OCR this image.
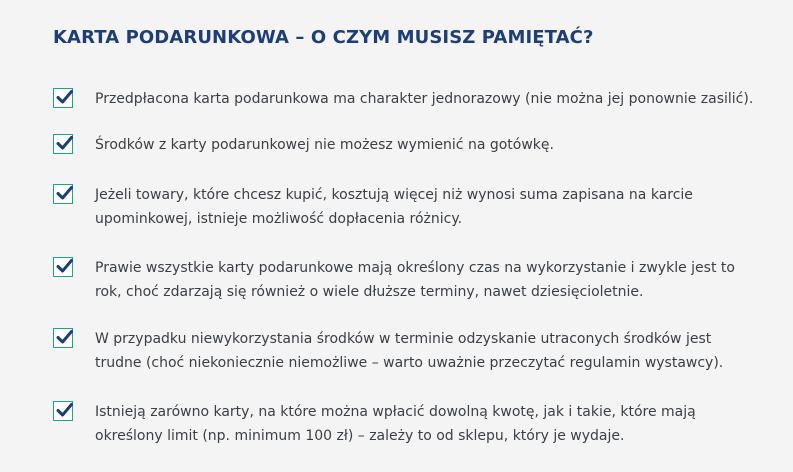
KARTA PODARUNKOWA – O CZYM MUSISZ PAMIĘTAĆ?

Przedpłacona karta podarunkowa ma charakter jednorazowy (nie można jej ponownie zasilić).

Środków z karty podarunkowej nie możesz wymienić na gotówkę.

Jeżeli towary, które chcesz kupić, kosztują więcej niż wynosi suma zapisana na karcie upominkowej, istnieje możliwość dopłacenia różnicy.

Prawie wszystkie karty podarunkowe mają określony czas na wykorzystanie i zwykle jest to rok, choć zdarzają się również o wiele dłuższe terminy, nawet dziesięcioletnie.

W przypadku niewykorzystania środków w terminie odzyskanie utraconych środków jest trudne (choć niekoniecznie niemożliwe – warto uważnie przeczytać regulamin wystawcy).

Istnieją zarówno karty, na które można wpłacić dowolną kwotę, jak i takie, które mają określony limit (np. minimum 100 zł) – zależy to od sklepu, który je wydaje.
